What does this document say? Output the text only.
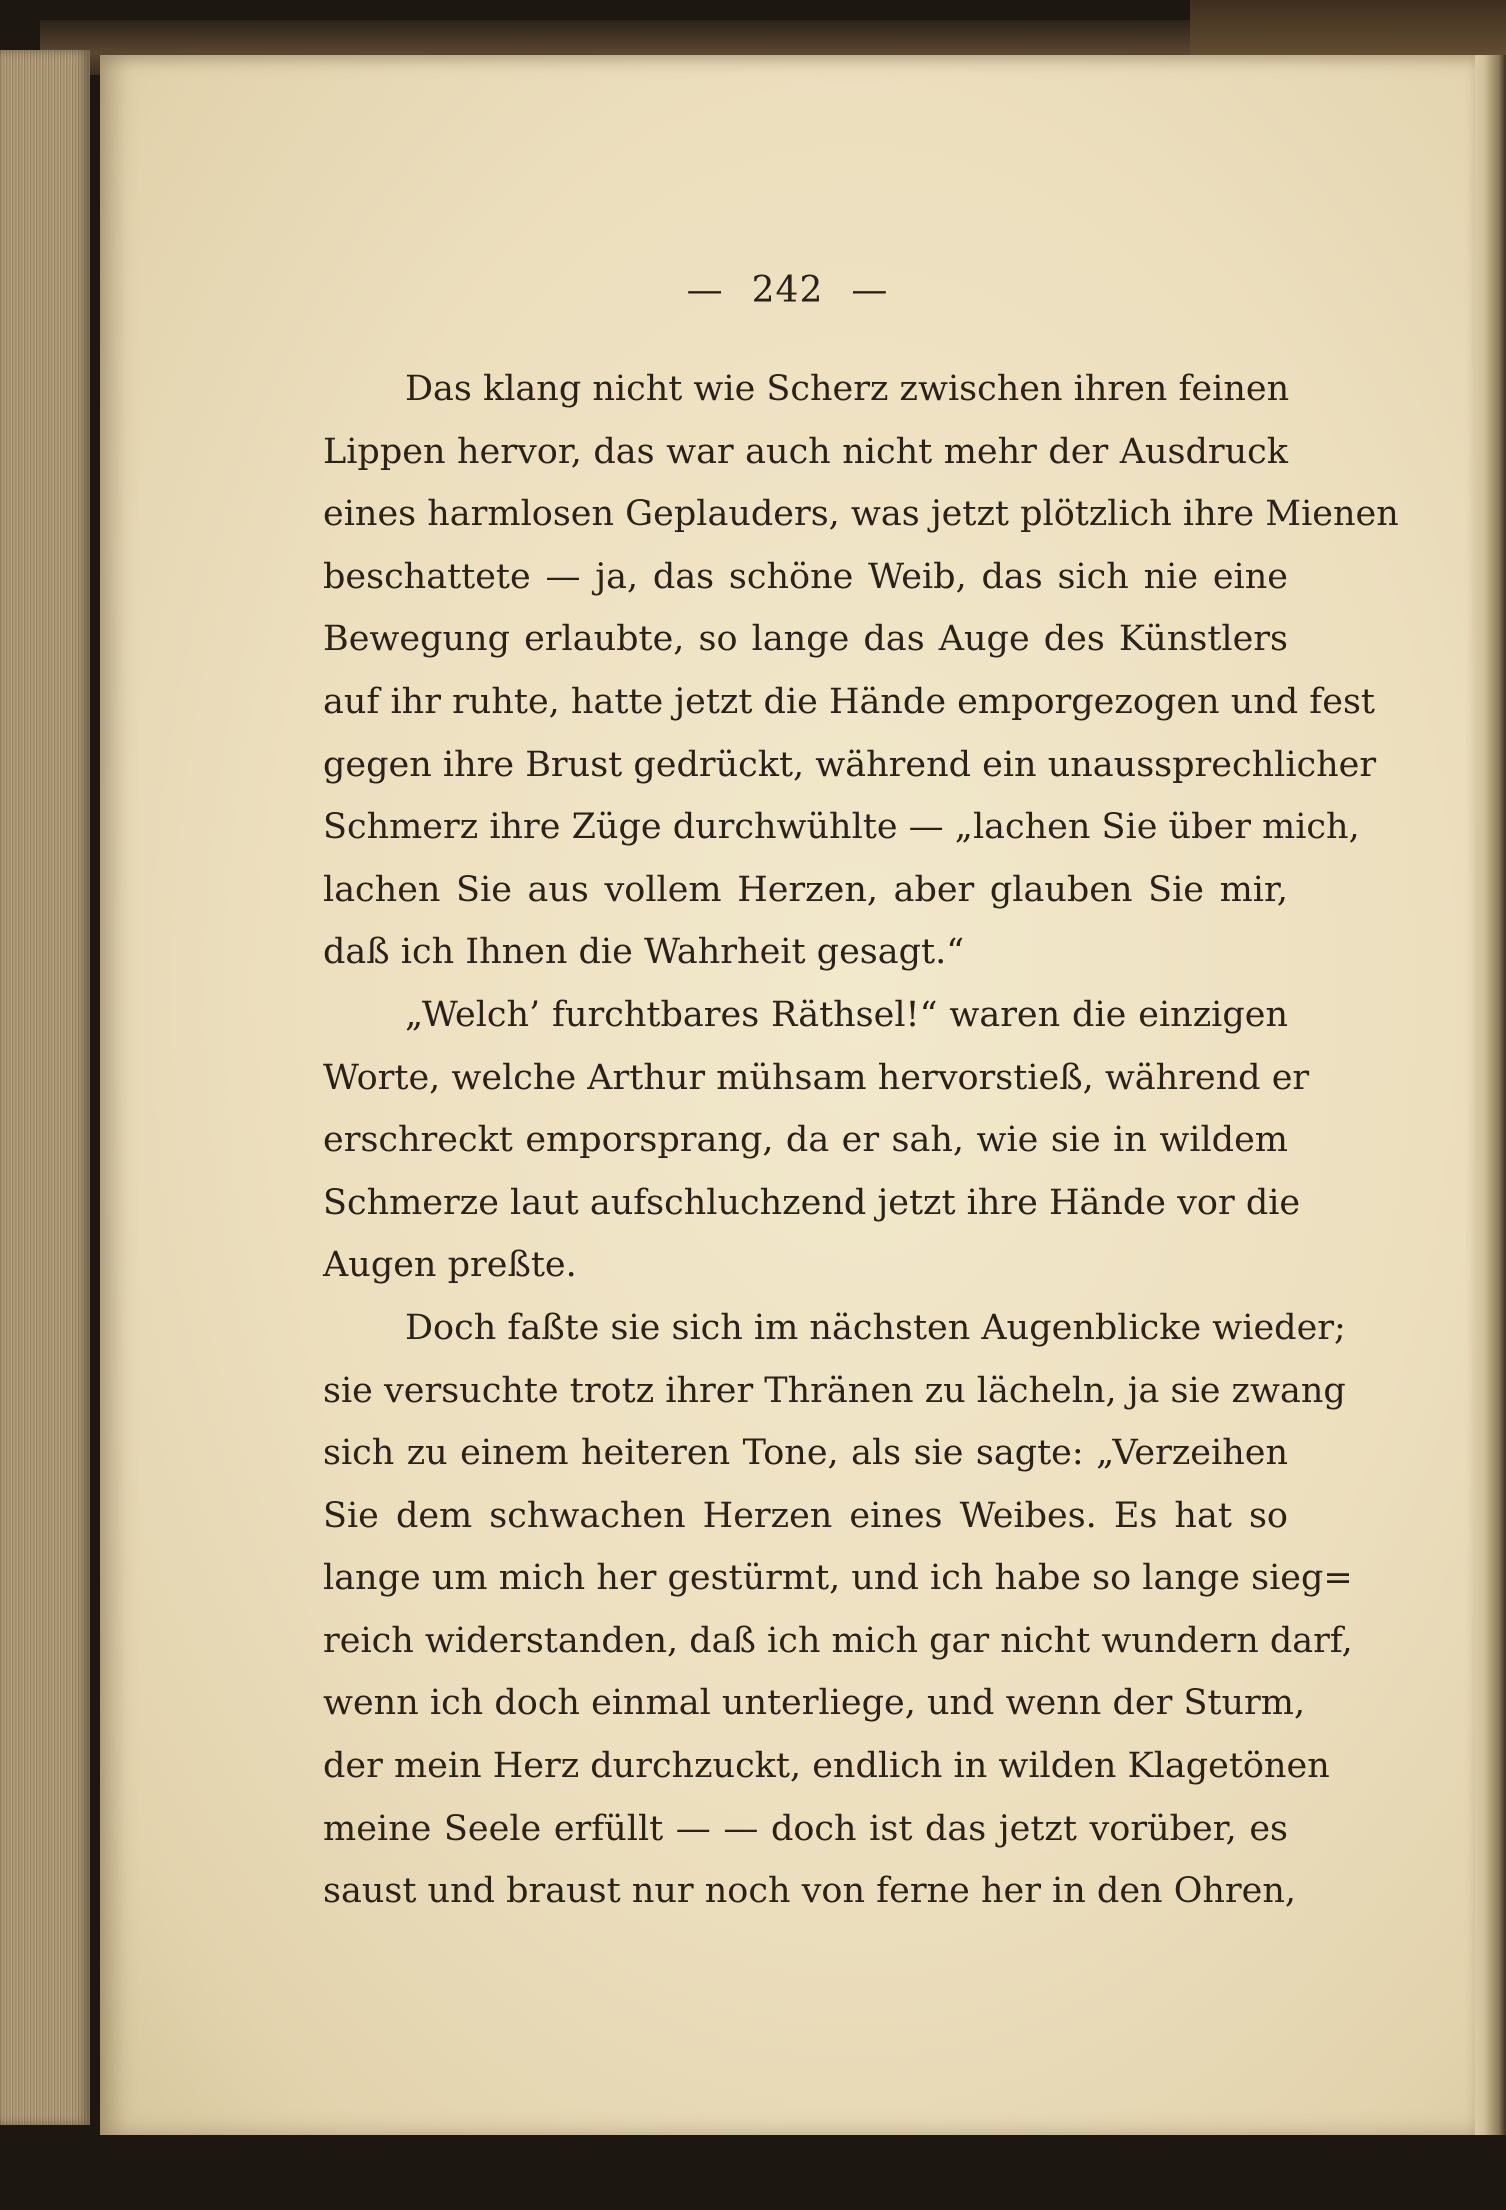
— 242 —
Das klang nicht wie Scherz zwischen ihren feinen
Lippen hervor, das war auch nicht mehr der Ausdruck
eines harmlosen Geplauders, was jetzt plötzlich ihre Mienen
beschattete — ja, das schöne Weib, das sich nie eine
Bewegung erlaubte, so lange das Auge des Künstlers
auf ihr ruhte, hatte jetzt die Hände emporgezogen und fest
gegen ihre Brust gedrückt, während ein unaussprechlicher
Schmerz ihre Züge durchwühlte — „lachen Sie über mich,
lachen Sie aus vollem Herzen, aber glauben Sie mir,
daß ich Ihnen die Wahrheit gesagt.“
„Welch’ furchtbares Räthsel!“ waren die einzigen
Worte, welche Arthur mühsam hervorstieß, während er
erschreckt emporsprang, da er sah, wie sie in wildem
Schmerze laut aufschluchzend jetzt ihre Hände vor die
Augen preßte.
Doch faßte sie sich im nächsten Augenblicke wieder;
sie versuchte trotz ihrer Thränen zu lächeln, ja sie zwang
sich zu einem heiteren Tone, als sie sagte: „Verzeihen
Sie dem schwachen Herzen eines Weibes. Es hat so
lange um mich her gestürmt, und ich habe so lange sieg=
reich widerstanden, daß ich mich gar nicht wundern darf,
wenn ich doch einmal unterliege, und wenn der Sturm,
der mein Herz durchzuckt, endlich in wilden Klagetönen
meine Seele erfüllt — — doch ist das jetzt vorüber, es
saust und braust nur noch von ferne her in den Ohren,
